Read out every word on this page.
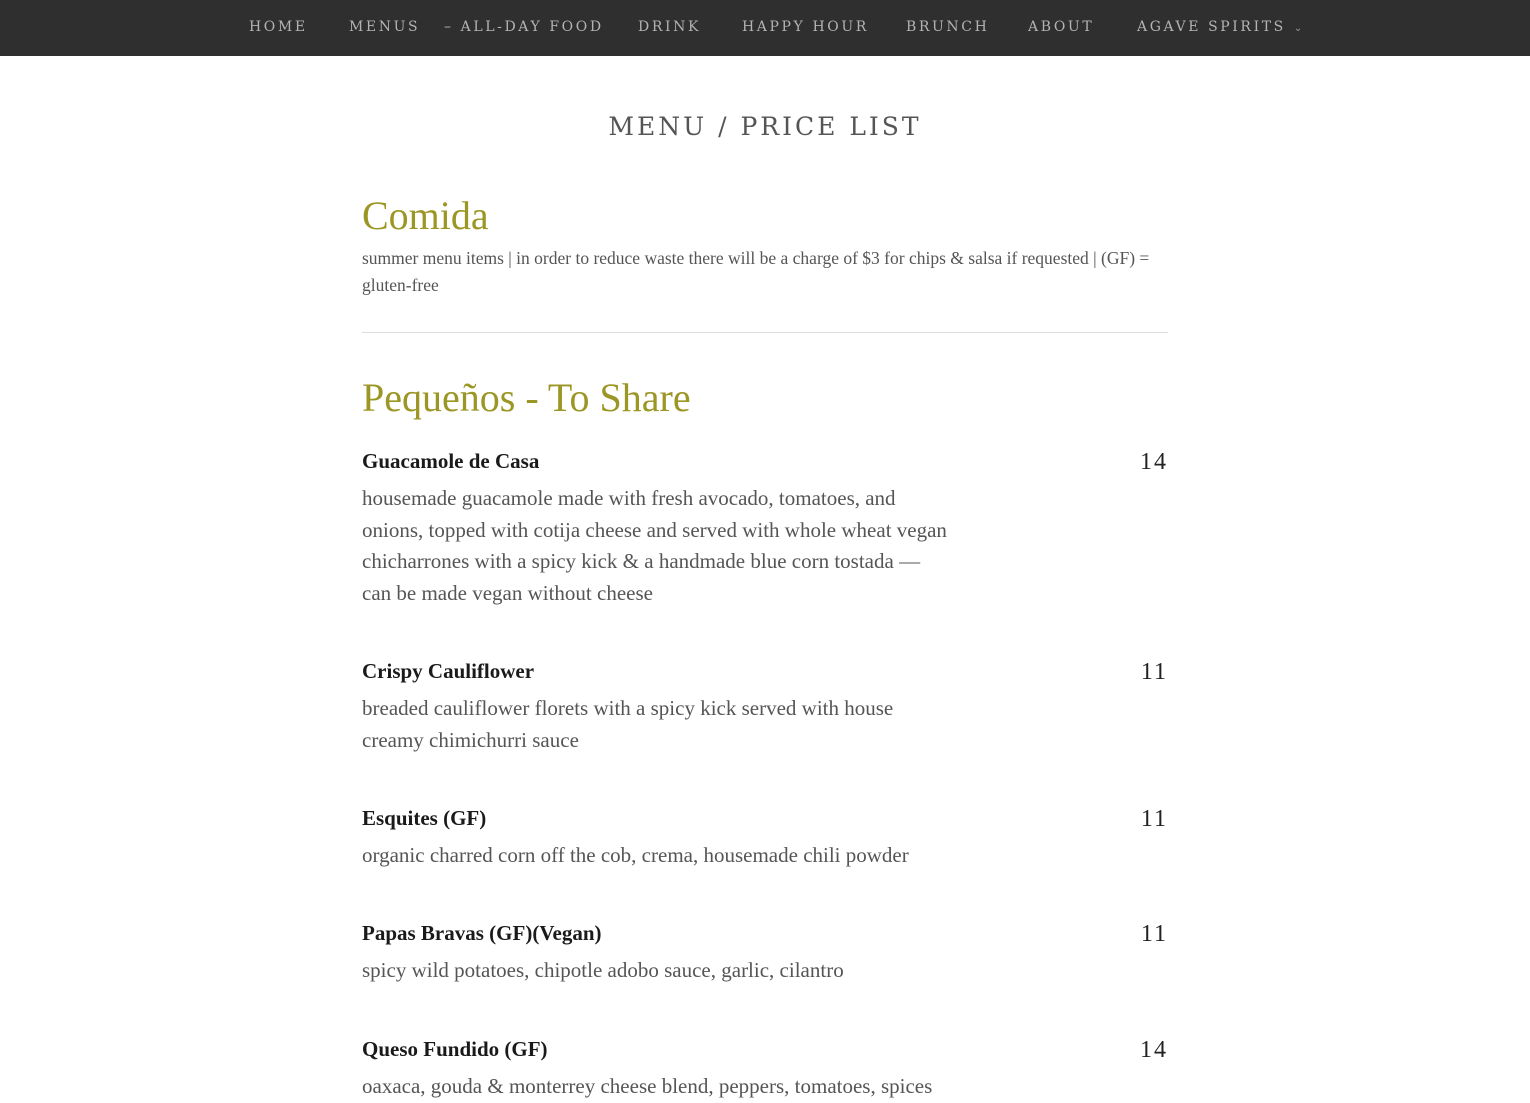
HOME	MENUS – ALL-DAY FOOD DRINK	HAPPY HOUR	BRUNCH	ABOUT	AGAVE SPIRITS ⌄
MENU / PRICE LIST
Comida
summer menu items | in order to reduce waste there will be a charge of $3 for chips & salsa if requested | (GF) = gluten-free
Pequeños - To Share
Guacamole de Casa	14
housemade guacamole made with fresh avocado, tomatoes, and onions, topped with cotija cheese and served with whole wheat vegan chicharrones with a spicy kick & a handmade blue corn tostada — can be made vegan without cheese
Crispy Cauliflower	11
breaded cauliflower florets with a spicy kick served with house creamy chimichurri sauce
Esquites (GF)	11
organic charred corn off the cob, crema, housemade chili powder
Papas Bravas (GF)(Vegan)	11
spicy wild potatoes, chipotle adobo sauce, garlic, cilantro
Queso Fundido (GF)	14
oaxaca, gouda & monterrey cheese blend, peppers, tomatoes, spices
